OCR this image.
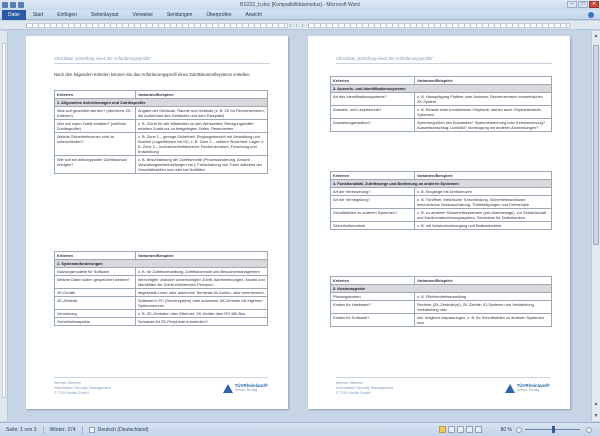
BS222_b.doc [Kompatibilitätsmodus] - Microsoft Word	–	□	✕
Datei	Start	Einfügen	Seitenlayout	Verweise	Sendungen	Überprüfen	Ansicht
Checkliste „Erstellung eines ZK-Anforderungsprofils"
Nach den folgenden Kriterien können Sie das Anforderungsprofil eines Zutrittskontrollsystems erstellen.
Kriterien	Varianten/Beispiele
1. Allgemeine Anforderungen und Zutrittsprofile	
Was soll geschützt werden? (räumliche ZK-Kriterien)	Angabe der Gebäude, Räume und Gelände (z. B. ZK für Rechenzentrum, die Außenhaut des Gebäudes und dem Parkplatz)
Wer soll wann Zutritt erhalten? (zeitliche Zutrittsprofile)	z. B. Zutritt für alle Mitarbeiter zu den Werkzeiten; Reinigungskräfte erhalten Zutritt nur zu festgelegten Zeiten, Reservierten
Welche Sicherheitszonen sind zu unterscheiden?	z. B. Zone 1 – geringe Sicherheit: Eingangsbereich mit Verwaltung und Kantine (Lagerflächen mit DI); z. B. Zone 2 – mittlere Sicherheit: Lager; z. B. Zone 3 – hochsicherheitsbereich: Rechenzentrum, Forschung und Entwicklung
Wie soll ein wirkungsvoller Zutrittsschutz erfolgen?	z. B. Beschränkung der Zutrittsrechte (Prozessänderung, Ansicht Verwaltungsentscheidungen etc.); Freischaltung von Türen während der Geschäftszeiten und oder bei Notfällen
Kriterien	Varianten/Beispiele
2. Systemanforderungen	
Nutzungsmodelle für Software	z. B. für Zutrittsverwaltung, Zutrittskontrolle und Besuchermanagement
Welche Daten sollen gespeichert werden?	berechtigter und/oder unberechtigter Zutritt, Alarmmeldungen, Anzahl und Identitäten der Zutritt erfahrenden Personen
ZK-Geräte	abgesetzte Leser oder autonome Terminals für Außen- oder Innenbereich
ZK-Zentrale	Software in PC (Serversystem) oder autonome ZK-Zentrale mit eigenem Systemrechner
Vernetzung	z. B. ZK-Zentralen über Ethernet, ZK-Geräte über RS 485 Bus
Sicherheitsaspekte	Schutzart für ZK-Peripherie erforderlich?
Werner Störmer
Information Security Management
© TÜV Media GmbH
TÜVRheinland®
Genau. Richtig.
Checkliste „Erstellung eines ZK-Anforderungsprofils"
Kriterien	Varianten/Beispiele
3. Ausweis- und Identifikationssysteme	
Art des Identifikationssystems?	z. B. Hausprägung Plattner oder Ausweis; Rechenzentrum biometrischen ZK-System
Ausweis- und Lesertechnik?	z. B. Einsatz einer kontaktlosen Chipkarte; stehen auch Chipkartenstufe-Systemen
Ausweisorganisation?	Speichergrößen des Ausweises? Systemerkennung oder Kennzeichnung? Ausweisumschlag; Lichtbild? Vorbeugung mit anderen Anwendungen?
Kriterien	Varianten/Beispiele
4. Funktionalität, Zutrittswege und Bedienung an anderen Systemen	
Art der Vereinzelung?	z. B. Eingänge mit Drehkreuzen
Art der Verriegelung?	z. B. Türöffner, elektrische Türschließung, Sicherheitsschlösser, mechanische Notausschaltung, Türbetätigungen und Drehknöpfe
Schnittstellen zu anderen Systemen?	z. B. zu anderen Sicherheitssystemen (wie Alarmanlage), zur Zeitwirtschaft und Kantinenabrechnungssystem, Steckdose für Datenbanken
Sicherheitsmodule	z. B. mit Notstromversorgung und Batteriebetrieb
Kriterien	Varianten/Beispiele
5. Kostenaspekte	
Planungskosten	z. B. Pflichtenheftserstellung
Kosten für Hardware?	Rechner (ZK-Zentrale(n)), ZK-Geräte, ID-Systeme und Verkabelung, Verkabelung usw.
Kosten für Software?	inkl. mögliche Anpassungen, z. B. für Schnittstellen zu anderen Systemen usw.
Werner Störmer
Information Security Management
© TÜV Media GmbH
TÜVRheinland®
Genau. Richtig.
▲
▲
▼
Seite: 1 von 3	Wörter: 374	Deutsch (Deutschland)	80 %
